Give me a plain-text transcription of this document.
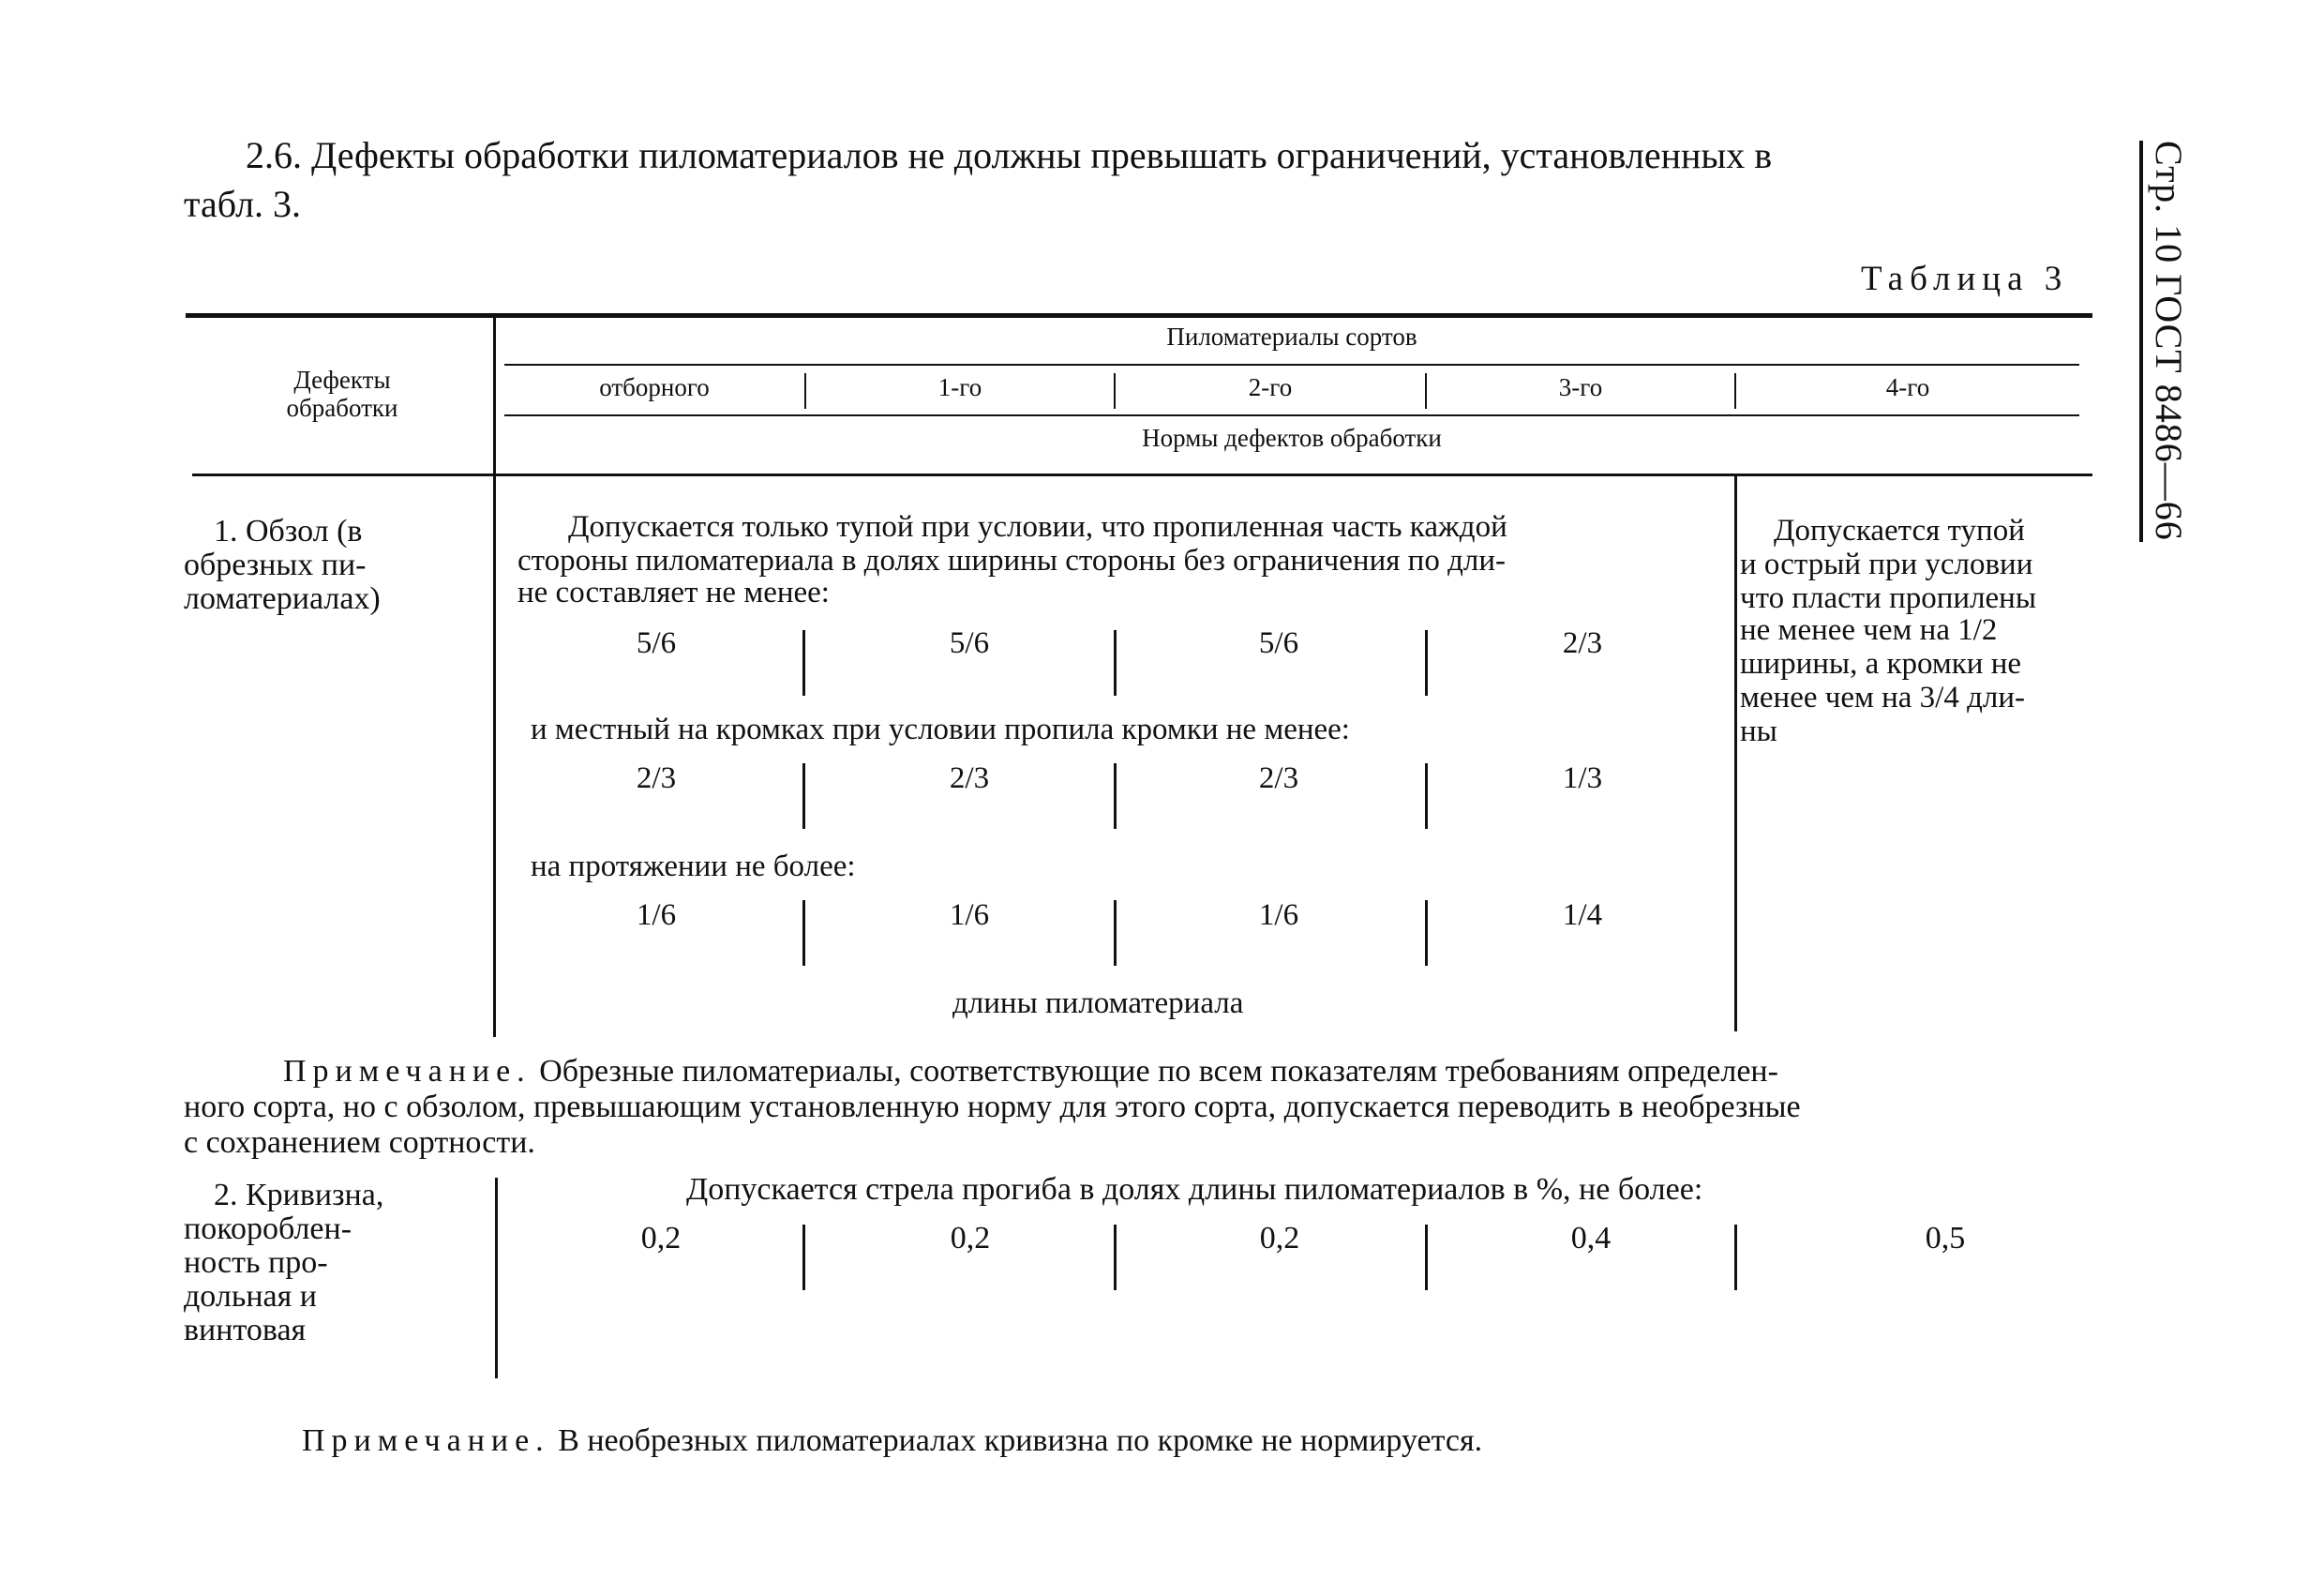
Стр. 10 ГОСТ 8486—66
2.6. Дефекты обработки пиломатериалов не должны превышать ограничений, установленных в
табл. 3.
Таблица 3
Дефекты
обработки
Пиломатериалы сортов
отборного	1-го	2-го	3-го	4-го
Нормы дефектов обработки
1. Обзол (в
обрезных пи-
ломатериалах)
Допускается только тупой при условии, что пропиленная часть каждой
стороны пиломатериала в долях ширины стороны без ограничения по дли-
не составляет не менее:
5/6	5/6	5/6	2/3
и местный на кромках при условии пропила кромки не менее:
2/3	2/3	2/3	1/3
на протяжении не более:
1/6	1/6	1/6	1/4
длины пиломатериала
Допускается тупой
и острый при условии
что пласти пропилены
не менее чем на 1/2
ширины, а кромки не
менее чем на 3/4 дли-
ны
Примечание. Обрезные пиломатериалы, соответствующие по всем показателям требованиям определен-
ного сорта, но с обзолом, превышающим установленную норму для этого сорта, допускается переводить в необрезные
с сохранением сортности.
2. Кривизна,
покороблен-
ность про-
дольная и
винтовая
Допускается стрела прогиба в долях длины пиломатериалов в %, не более:
0,2	0,2	0,2	0,4	0,5
Примечание. В необрезных пиломатериалах кривизна по кромке не нормируется.
